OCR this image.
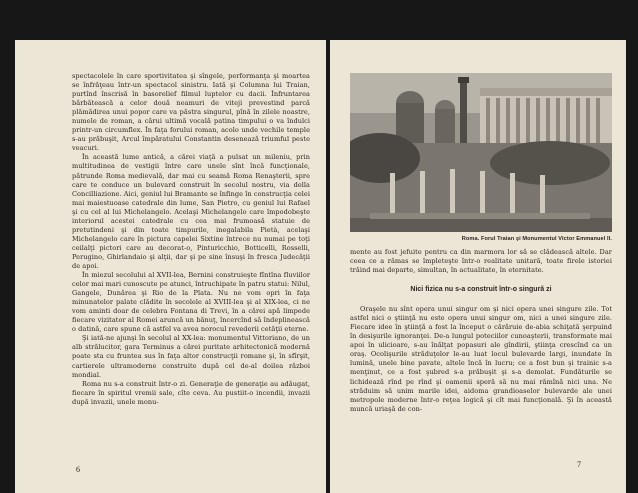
spectacolele în care sportivitatea şi sîngele, performanţa şi moartea se înfrăţeau într-un spectacol sinistru. Iată şi Columna lui Traian, purtînd înscrisă în basorelief filmul luptelor cu dacii. Înfruntarea bărbătească a celor două neamuri de viteji prevestind parcă plămădirea unui popor care va păstra singurul, pînă în zilele noastre, numele de roman, a cărui ultimă vocală patina timpului o va îndulci printr-un circumflex. În faţa forului roman, acolo unde vechile temple s-au prăbuşit, Arcul împăratului Constantin desenează triumful peste veacuri.

În această lume antică, a cărei viaţă a pulsat un mileniu, prin multitudinea de vestigii între care unele sînt încă funcţionale, pătrunde Roma medievală, dar mai cu seamă Roma Renaşterii, spre care te conduce un bulevard construit în secolul nostru, via della Concilliazione. Aici, geniul lui Bramante se înfinge în construcţia celei mai maiestuoase catedrale din lume, San Pietro, cu geniul lui Rafael şi cu cel al lui Michelangelo. Acelaşi Michelangelo care împodobeşte interiorul acestei catedrale cu cea mai frumoasă statuie de pretutindeni şi din toate timpurile, inegalabila Pietà, acelaşi Michelangelo care în pictura capelei Sixtine întrece nu numai pe toţi ceilalţi pictori care au decorat-o, Pinturicchio, Botticelli, Rosselli, Perugino, Ghirlandaio şi alţii, dar şi pe sine însuşi în fresca Judecăţii de apoi.

În miezul secolului al XVII-lea, Bernini construieşte fîntîna fluviilor celor mai mari cunoscute pe atunci, întruchipate în patru statui: Nilul, Gangele, Dunărea şi Rio de la Plata. Nu ne vom opri în faţa minunatelor palate clădite în secolele al XVIII-lea şi al XIX-lea, ci ne vom aminti doar de celebra Fontana di Trevi, în a cărei apă limpede fiecare vizitator al Romei aruncă un bănuţ, încercînd să îndeplinească o datină, care spune că astfel va avea norocul revederii cetăţii eterne.

Şi iată-ne ajunşi în secolul al XX-lea: monumentul Vittoriano, de un alb strălucitor, gara Terminus a cărei puritate arhitectonică modernă poate sta cu fruntea sus în faţa altor construcţii romane şi, în sfîrşit, cartierele ultramoderne construite după cel de-al doilea război mondial.

Roma nu s-a construit într-o zi. Generaţie de generaţie au adăugat, fiecare în spiritul vremii sale, cîte ceva. Au pustiit-o incendii, invazii după invazii, unele monu-

6
Roma. Forul Traian şi Monumentul Victor Emmanuel II.

mente au fost jefuite pentru ca din marmora lor să se clădească altele. Dar ceea ce a rămas se împleteşte într-o realitate unitară, toate firele istoriei trăind mai departe, simultan, în actualitate, în eternitate.

Nici fizica nu s-a construit într-o singură zi

Oraşele nu sînt opera unui singur om şi nici opera unei singure zile. Tot astfel nici o ştiinţă nu este opera unui singur om, nici a unei singure zile. Fiecare idee în ştiinţă a fost la început o cărăruie de-abia schiţată şerpuind în desişurile ignoranţei. De-a lungul poteciilor cunoaşterii, transformate mai apoi în ulicioare, s-au înălţat popasuri ale gîndirii, ştiinţa crescînd ca un oraş. Ocolişurile străduţelor le-au luat locul bulevarde largi, inundate în lumină, unele bine pavate, altele încă în lucru; ce a fost bun şi trainic s-a menţinut, ce a fost şubred s-a prăbuşit şi s-a demolat. Fundăturile se lichidează rînd pe rînd şi oamenii speră să nu mai rămînă nici una. Ne străduim să unim marile idei, aidoma grandioaselor bulevarde ale unei metropole moderne într-o reţea logică şi cît mai funcţională. Şi în această muncă uriaşă de con-

7
